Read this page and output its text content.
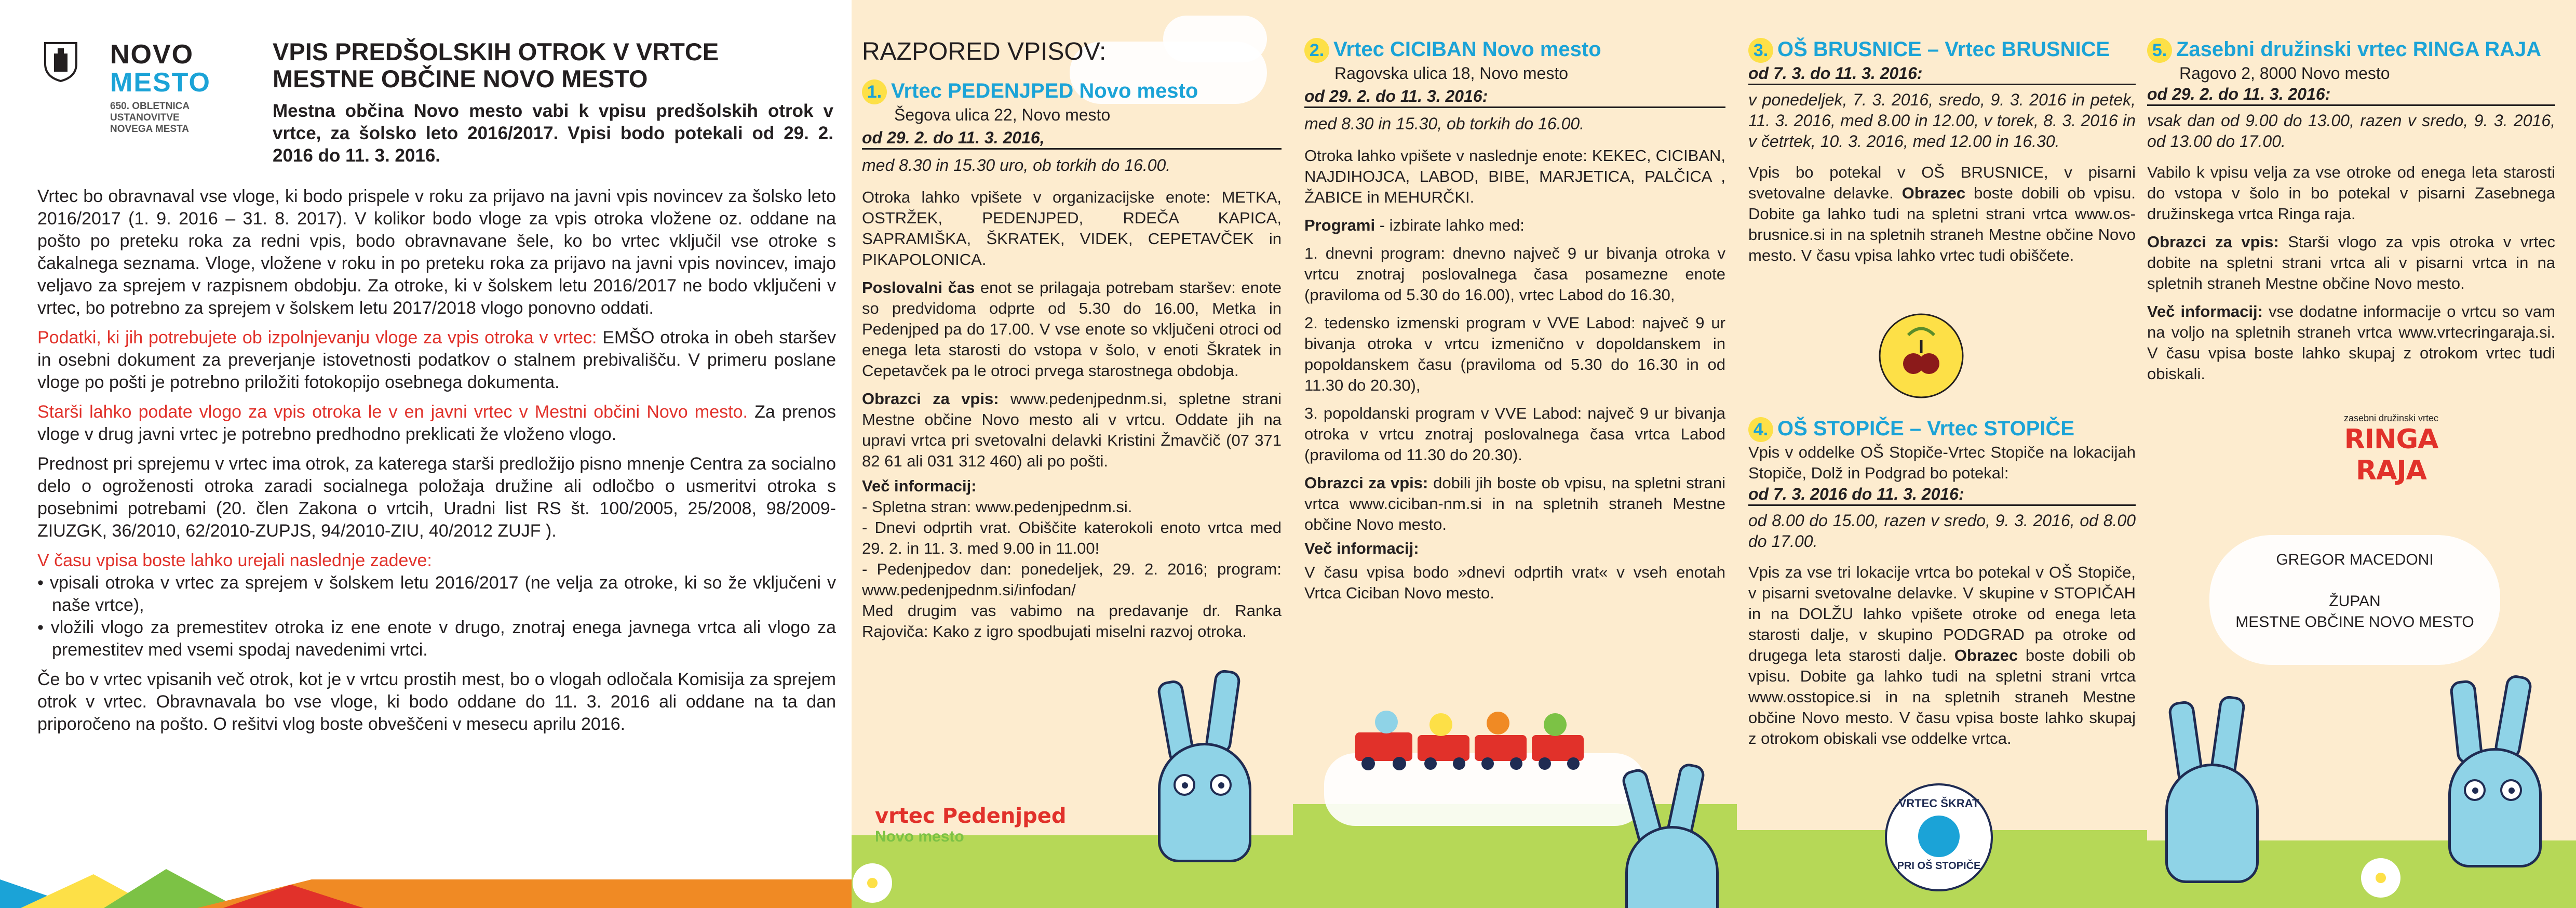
NOVO
MESTO
650. OBLETNICA
USTANOVITVE
NOVEGA MESTA
VPIS PREDŠOLSKIH OTROK V VRTCE
MESTNE OBČINE NOVO MESTO

Mestna občina Novo mesto vabi k vpisu predšolskih otrok v vrtce, za šolsko leto 2016/2017. Vpisi bodo potekali od 29. 2. 2016 do 11. 3. 2016.

Vrtec bo obravnaval vse vloge, ki bodo prispele v roku za prijavo na javni vpis novincev za šolsko leto 2016/2017 (1. 9. 2016 – 31. 8. 2017). V kolikor bodo vloge za vpis otroka vložene oz. oddane na pošto po preteku roka za redni vpis, bodo obravnavane šele, ko bo vrtec vključil vse otroke s čakalnega seznama. Vloge, vložene v roku in po preteku roka za prijavo na javni vpis novincev, imajo veljavo za sprejem v razpisnem obdobju. Za otroke, ki v šolskem letu 2016/2017 ne bodo vključeni v vrtec, bo potrebno za sprejem v šolskem letu 2017/2018 vlogo ponovno oddati.

Podatki, ki jih potrebujete ob izpolnjevanju vloge za vpis otroka v vrtec: EMŠO otroka in obeh staršev in osebni dokument za preverjanje istovetnosti podatkov o stalnem prebivališču. V primeru poslane vloge po pošti je potrebno priložiti fotokopijo osebnega dokumenta.

Starši lahko podate vlogo za vpis otroka le v en javni vrtec v Mestni občini Novo mesto. Za prenos vloge v drug javni vrtec je potrebno predhodno preklicati že vloženo vlogo.

Prednost pri sprejemu v vrtec ima otrok, za katerega starši predložijo pisno mnenje Centra za socialno delo o ogroženosti otroka zaradi socialnega položaja družine ali odločbo o usmeritvi otroka s posebnimi potrebami (20. člen Zakona o vrtcih, Uradni list RS št. 100/2005, 25/2008, 98/2009-ZIUZGK, 36/2010, 62/2010-ZUPJS, 94/2010-ZIU, 40/2012 ZUJF ).

V času vpisa boste lahko urejali naslednje zadeve:

• vpisali otroka v vrtec za sprejem v šolskem letu 2016/2017 (ne velja za otroke, ki so že vključeni v naše vrtce),

• vložili vlogo za premestitev otroka iz ene enote v drugo, znotraj enega javnega vrtca ali vlogo za premestitev med vsemi spodaj navedenimi vrtci.

Če bo v vrtec vpisanih več otrok, kot je v vrtcu prostih mest, bo o vlogah odločala Komisija za sprejem otrok v vrtec. Obravnavala bo vse vloge, ki bodo oddane do 11. 3. 2016 ali oddane na ta dan priporočeno na pošto. O rešitvi vlog boste obveščeni v mesecu aprilu 2016.

RAZPORED VPISOV:
1. Vrtec PEDENJPED Novo mesto
Šegova ulica 22, Novo mesto
od 29. 2. do 11. 3. 2016,
med 8.30 in 15.30 uro, ob torkih do 16.00.

Otroka lahko vpišete v organizacijske enote: METKA, OSTRŽEK, PEDENJPED, RDEČA KAPICA, SAPRAMIŠKA, ŠKRATEK, VIDEK, CEPETAVČEK in PIKAPOLONICA.

Poslovalni čas enot se prilagaja potrebam staršev: enote so predvidoma odprte od 5.30 do 16.00, Metka in Pedenjped pa do 17.00. V vse enote so vključeni otroci od enega leta starosti do vstopa v šolo, v enoti Škratek in Cepetavček pa le otroci prvega starostnega obdobja.

Obrazci za vpis: www.pedenjpednm.si, spletne strani Mestne občine Novo mesto ali v vrtcu. Oddate jih na upravi vrtca pri svetovalni delavki Kristini Žmavčič (07 371 82 61 ali 031 312 460) ali po pošti.

Več informacij:

- Spletna stran: www.pedenjpednm.si.

- Dnevi odprtih vrat. Obiščite katerokoli enoto vrtca med 29. 2. in 11. 3. med 9.00 in 11.00!

- Pedenjpedov dan: ponedeljek, 29. 2. 2016; program: www.pedenjpednm.si/infodan/

Med drugim vas vabimo na predavanje dr. Ranka Rajoviča: Kako z igro spodbujati miselni razvoj otroka.

vrtec Pedenjped
Novo mesto
2. Vrtec CICIBAN Novo mesto
Ragovska ulica 18, Novo mesto
od 29. 2. do 11. 3. 2016:
med 8.30 in 15.30, ob torkih do 16.00.

Otroka lahko vpišete v naslednje enote: KEKEC, CICIBAN, NAJDIHOJCA, LABOD, BIBE, MARJETICA, PALČICA , ŽABICE in MEHURČKI.

Programi - izbirate lahko med:

1. dnevni program: dnevno največ 9 ur bivanja otroka v vrtcu znotraj poslovalnega časa posamezne enote (praviloma od 5.30 do 16.00), vrtec Labod do 16.30,

2. tedensko izmenski program v VVE Labod: največ 9 ur bivanja otroka v vrtcu izmenično v dopoldanskem in popoldanskem času (praviloma od 5.30 do 16.30 in od 11.30 do 20.30),

3. popoldanski program v VVE Labod: največ 9 ur bivanja otroka v vrtcu znotraj poslovalnega časa vrtca Labod (praviloma od 11.30 do 20.30).

Obrazci za vpis: dobili jih boste ob vpisu, na spletni strani vrtca www.ciciban-nm.si in na spletnih straneh Mestne občine Novo mesto.

Več informacij:

V času vpisa bodo »dnevi odprtih vrat« v vseh enotah Vrtca Ciciban Novo mesto.

3. OŠ BRUSNICE – Vrtec BRUSNICE
od 7. 3. do 11. 3. 2016:

v ponedeljek, 7. 3. 2016, sredo, 9. 3. 2016 in petek, 11. 3. 2016, med 8.00 in 12.00, v torek, 8. 3. 2016 in v četrtek, 10. 3. 2016, med 12.00 in 16.30.

Vpis bo potekal v OŠ BRUSNICE, v pisarni svetovalne delavke. Obrazec boste dobili ob vpisu. Dobite ga lahko tudi na spletni strani vrtca www.os-brusnice.si in na spletnih straneh Mestne občine Novo mesto. V času vpisa lahko vrtec tudi obiščete.

4. OŠ STOPIČE – Vrtec STOPIČE

Vpis v oddelke OŠ Stopiče-Vrtec Stopiče na lokacijah Stopiče, Dolž in Podgrad bo potekal:

od 7. 3. 2016 do 11. 3. 2016:

od 8.00 do 15.00, razen v sredo, 9. 3. 2016, od 8.00 do 17.00.

Vpis za vse tri lokacije vrtca bo potekal v OŠ Stopiče, v pisarni svetovalne delavke. V skupine v STOPIČAH in na DOLŽU lahko vpišete otroke od enega leta starosti dalje, v skupino PODGRAD pa otroke od drugega leta starosti dalje. Obrazec boste dobili ob vpisu. Dobite ga lahko tudi na spletni strani vrtca www.osstopice.si in na spletnih straneh Mestne občine Novo mesto. V času vpisa boste lahko skupaj z otrokom obiskali vse oddelke vrtca.

VRTEC ŠKRAT
PRI OŠ STOPIČE
5. Zasebni družinski vrtec RINGA RAJA
Ragovo 2, 8000 Novo mesto
od 29. 2. do 11. 3. 2016:

vsak dan od 9.00 do 13.00, razen v sredo, 9. 3. 2016, od 13.00 do 17.00.

Vabilo k vpisu velja za vse otroke od enega leta starosti do vstopa v šolo in bo potekal v pisarni Zasebnega družinskega vrtca Ringa raja.

Obrazci za vpis: Starši vlogo za vpis otroka v vrtec dobite na spletni strani vrtca ali v pisarni vrtca in na spletnih straneh Mestne občine Novo mesto.

Več informacij: vse dodatne informacije o vrtcu so vam na voljo na spletnih straneh vrtca www.vrtecringaraja.si. V času vpisa boste lahko skupaj z otrokom vrtec tudi obiskali.

zasebni družinski vrtec
RINGA RAJA
GREGOR MACEDONI
ŽUPAN
MESTNE OBČINE NOVO MESTO
